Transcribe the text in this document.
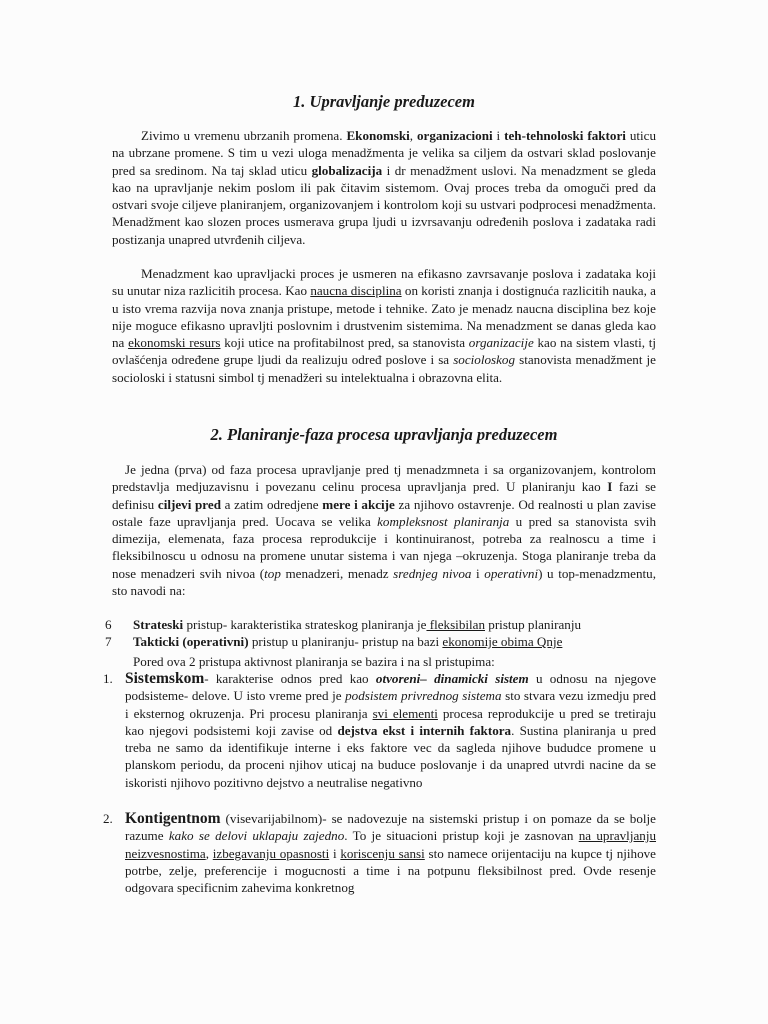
1. Upravljanje preduzecem

Zivimo u vremenu ubrzanih promena. Ekonomski, organizacioni i teh-tehnoloski faktori uticu na ubrzane promene. S tim u vezi uloga menadžmenta je velika sa ciljem da ostvari sklad poslovanje pred sa sredinom. Na taj sklad uticu globalizacija i dr menadžment uslovi. Na menadzment se gleda kao na upravljanje nekim poslom ili pak čitavim sistemom. Ovaj proces treba da omoguči pred da ostvari svoje ciljeve planiranjem, organizovanjem i kontrolom koji su ustvari podprocesi menadžmenta. Menadžment kao slozen proces usmerava grupa ljudi u izvrsavanju određenih poslova i zadataka radi postizanja unapred utvrđenih ciljeva.

Menadzment kao upravljacki proces je usmeren na efikasno zavrsavanje poslova i zadataka koji su unutar niza razlicitih procesa. Kao naucna disciplina on koristi znanja i dostignuća razlicitih nauka, a u isto vrema razvija nova znanja pristupe, metode i tehnike. Zato je menadz naucna disciplina bez koje nije moguce efikasno upravljti poslovnim i drustvenim sistemima. Na menadzment se danas gleda kao na ekonomski resurs koji utice na profitabilnost pred, sa stanovista organizacije kao na sistem vlasti, tj ovlašćenja određene grupe ljudi da realizuju određ poslove i sa socioloskog stanovista menadžment je socioloski i statusni simbol tj menadžeri su intelektualna i obrazovna elita.

2. Planiranje-faza procesa upravljanja preduzecem

Je jedna (prva) od faza procesa upravljanje pred tj menadzmneta i sa organizovanjem, kontrolom predstavlja medjuzavisnu i povezanu celinu procesa upravljanja pred. U planiranju kao I fazi se definisu ciljevi pred a zatim odredjene mere i akcije za njihovo ostavrenje. Od realnosti u plan zavise ostale faze upravljanja pred. Uocava se velika kompleksnost planiranja u pred sa stanovista svih dimezija, elemenata, faza procesa reprodukcije i kontinuiranost, potreba za realnoscu a time i fleksibilnoscu u odnosu na promene unutar sistema i van njega –okruzenja. Stoga planiranje treba da nose menadzeri svih nivoa (top menadzeri, menadz srednjeg nivoa i operativni) u top-menadzmentu, sto navodi na:

6 Strateski pristup- karakteristika strateskog planiranja je fleksibilan pristup planiranju
7 Takticki (operativni) pristup u planiranju- pristup na bazi ekonomije obima Qnje
Pored ova 2 pristupa aktivnost planiranja se bazira i na sl pristupima:
1. Sistemskom- karakterise odnos pred kao otvoreni– dinamicki sistem u odnosu na njegove podsisteme- delove. U isto vreme pred je podsistem privrednog sistema sto stvara vezu izmedju pred i eksternog okruzenja. Pri procesu planiranja svi elementi procesa reprodukcije u pred se tretiraju kao njegovi podsistemi koji zavise od dejstva ekst i internih faktora. Sustina planiranja u pred treba ne samo da identifikuje interne i eks faktore vec da sagleda njihove bududce promene u planskom periodu, da proceni njihov uticaj na buduce poslovanje i da unapred utvrdi nacine da se iskoristi njihovo pozitivno dejstvo a neutralise negativno
2. Kontigentnom (visevarijabilnom)- se nadovezuje na sistemski pristup i on pomaze da se bolje razume kako se delovi uklapaju zajedno. To je situacioni pristup koji je zasnovan na upravljanju neizvesnostima, izbegavanju opasnosti i koriscenju sansi sto namece orijentaciju na kupce tj njihove potrbe, zelje, preferencije i mogucnosti a time i na potpunu fleksibilnost pred. Ovde resenje odgovara specificnim zahevima konkretnog
